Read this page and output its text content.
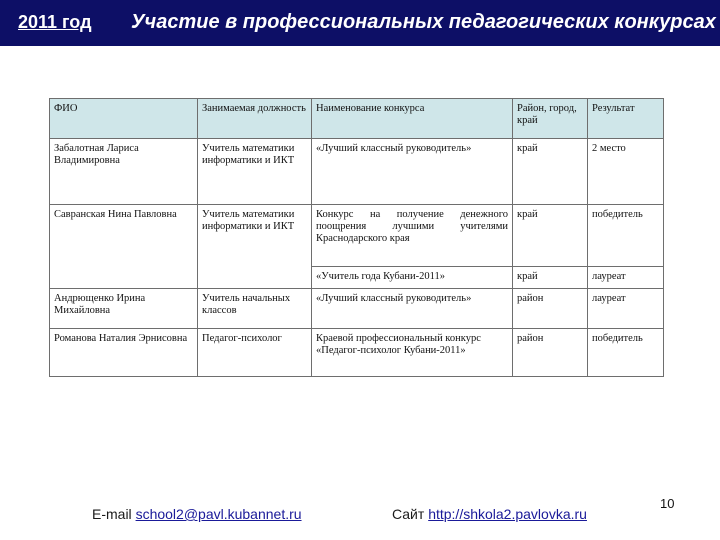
2011 год Участие в профессиональных педагогических конкурсах
ФИО	Занимаемая должность	Наименование конкурса	Район, город, край	Результат
Забалотная Лариса Владимировна	Учитель математики информатики и ИКТ	«Лучший классный руководитель»	край	2 место
Савранская Нина Павловна	Учитель математики информатики и ИКТ	Конкурс на получение денежного поощрения лучшими учителями Краснодарского края	край	победитель
		«Учитель года Кубани-2011»	край	лауреат
Андрющенко Ирина Михайловна	Учитель начальных классов	«Лучший классный руководитель»	район	лауреат
Романова Наталия Эрнисовна	Педагог-психолог	Краевой профессиональный конкурс «Педагог-психолог Кубани-2011»	район	победитель
E-mail school2@pavl.kubannet.ru	Сайт http://shkola2.pavlovka.ru
10
